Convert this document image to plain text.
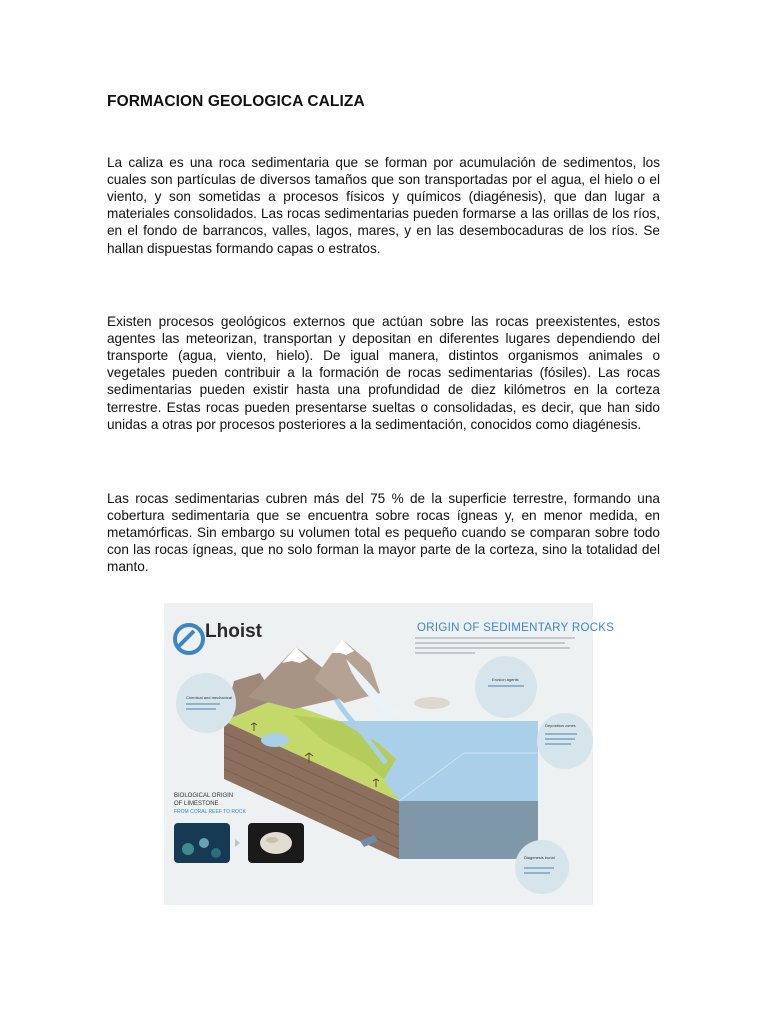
FORMACION GEOLOGICA CALIZA

La caliza es una roca sedimentaria que se forman por acumulación de sedimentos, los cuales son partículas de diversos tamaños que son transportadas por el agua, el hielo o el viento, y son sometidas a procesos físicos y químicos (diagénesis), que dan lugar a materiales consolidados. Las rocas sedimentarias pueden formarse a las orillas de los ríos, en el fondo de barrancos, valles, lagos, mares, y en las desembocaduras de los ríos. Se hallan dispuestas formando capas o estratos.

Existen procesos geológicos externos que actúan sobre las rocas preexistentes, estos agentes las meteorizan, transportan y depositan en diferentes lugares dependiendo del transporte (agua, viento, hielo). De igual manera, distintos organismos animales o vegetales pueden contribuir a la formación de rocas sedimentarias (fósiles). Las rocas sedimentarias pueden existir hasta una profundidad de diez kilómetros en la corteza terrestre. Estas rocas pueden presentarse sueltas o consolidadas, es decir, que han sido unidas a otras por procesos posteriores a la sedimentación, conocidos como diagénesis.

Las rocas sedimentarias cubren más del 75 % de la superficie terrestre, formando una cobertura sedimentaria que se encuentra sobre rocas ígneas y, en menor medida, en metamórficas. Sin embargo su volumen total es pequeño cuando se comparan sobre todo con las rocas ígneas, que no solo forman la mayor parte de la corteza, sino la totalidad del manto.

Lhoist	ORIGIN OF SEDIMENTARY ROCKS
BIOLOGICAL ORIGIN
OF LIMESTONE
FROM CORAL REEF TO ROCK
Chemical and mechanical
Erosion agents
Deposition zones
Diagenesis burial
